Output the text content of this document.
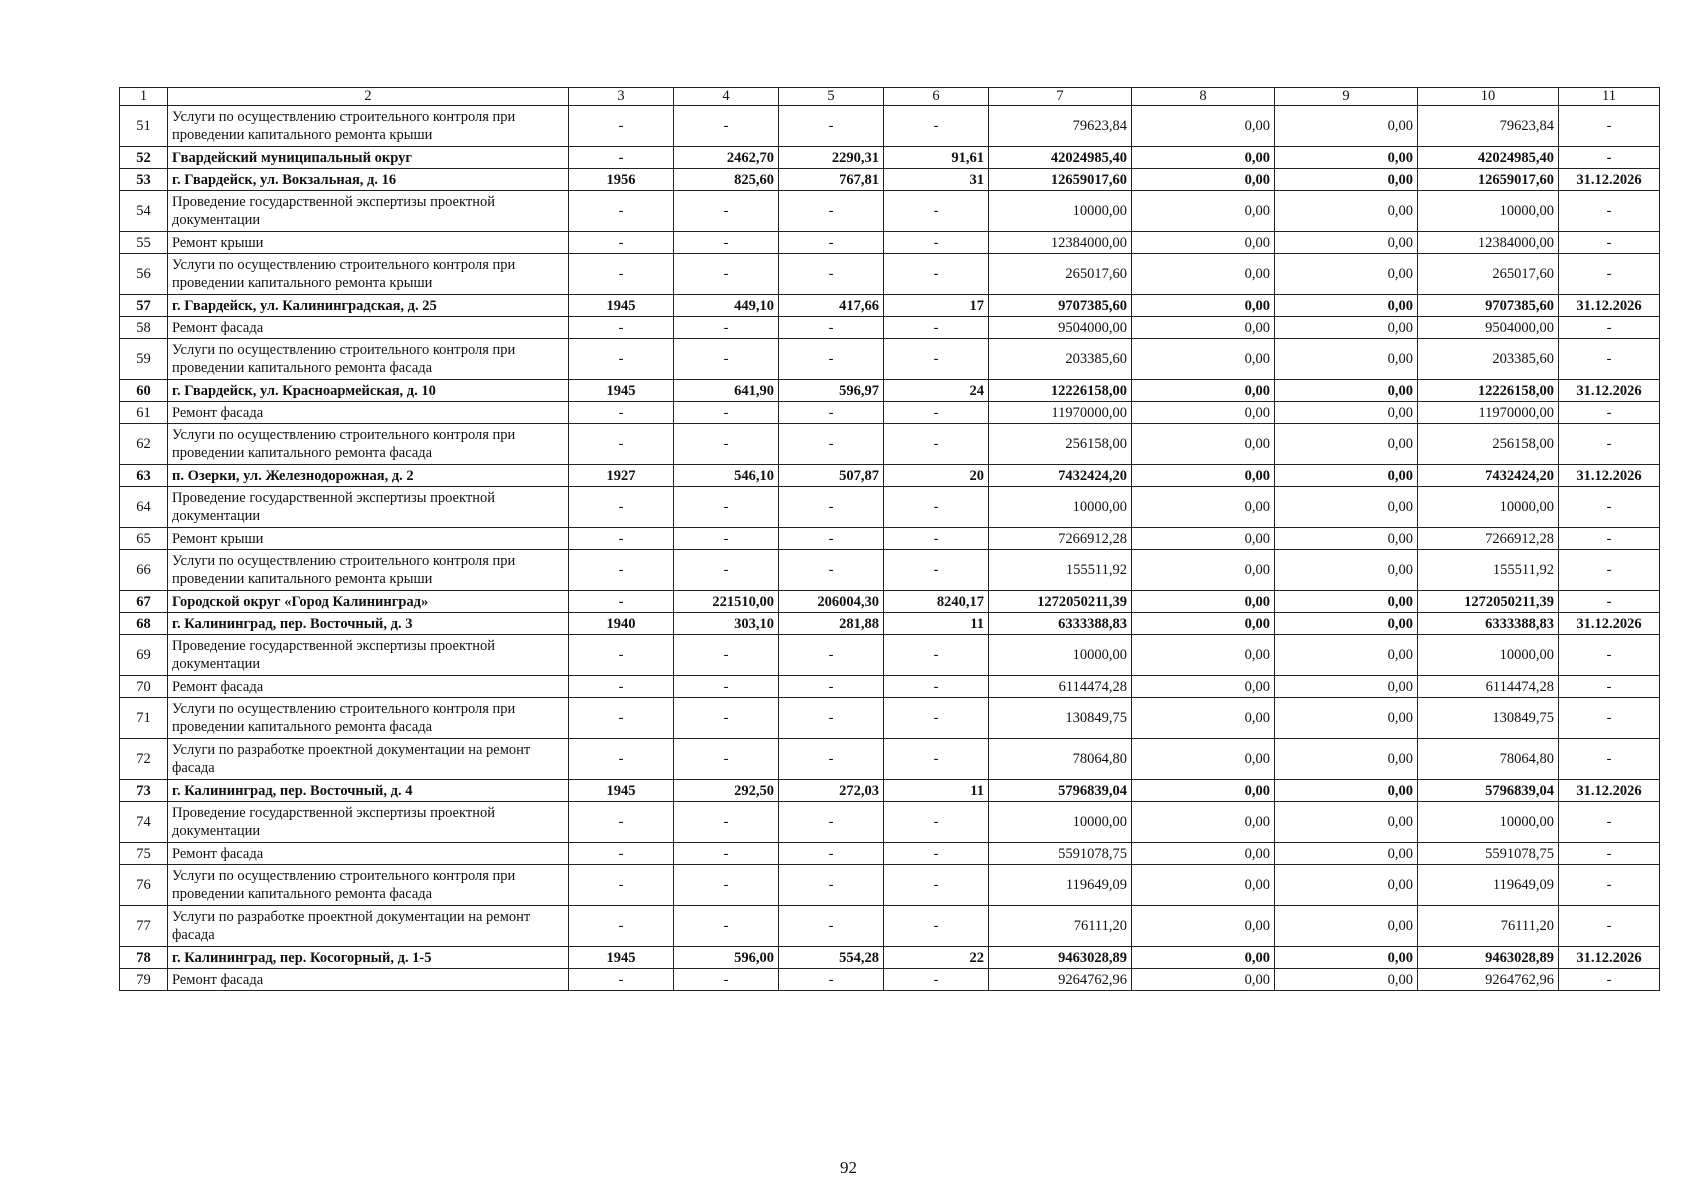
1	2	3	4	5	6	7	8	9	10	11
51	Услуги по осуществлению строительного контроля при проведении капитального ремонта крыши	-	-	-	-	79623,84	0,00	0,00	79623,84	-
52	Гвардейский муниципальный округ	-	2462,70	2290,31	91,61	42024985,40	0,00	0,00	42024985,40	-
53	г. Гвардейск, ул. Вокзальная, д. 16	1956	825,60	767,81	31	12659017,60	0,00	0,00	12659017,60	31.12.2026
54	Проведение государственной экспертизы проектной документации	-	-	-	-	10000,00	0,00	0,00	10000,00	-
55	Ремонт крыши	-	-	-	-	12384000,00	0,00	0,00	12384000,00	-
56	Услуги по осуществлению строительного контроля при проведении капитального ремонта крыши	-	-	-	-	265017,60	0,00	0,00	265017,60	-
57	г. Гвардейск, ул. Калининградская, д. 25	1945	449,10	417,66	17	9707385,60	0,00	0,00	9707385,60	31.12.2026
58	Ремонт фасада	-	-	-	-	9504000,00	0,00	0,00	9504000,00	-
59	Услуги по осуществлению строительного контроля при проведении капитального ремонта фасада	-	-	-	-	203385,60	0,00	0,00	203385,60	-
60	г. Гвардейск, ул. Красноармейская, д. 10	1945	641,90	596,97	24	12226158,00	0,00	0,00	12226158,00	31.12.2026
61	Ремонт фасада	-	-	-	-	11970000,00	0,00	0,00	11970000,00	-
62	Услуги по осуществлению строительного контроля при проведении капитального ремонта фасада	-	-	-	-	256158,00	0,00	0,00	256158,00	-
63	п. Озерки, ул. Железнодорожная, д. 2	1927	546,10	507,87	20	7432424,20	0,00	0,00	7432424,20	31.12.2026
64	Проведение государственной экспертизы проектной документации	-	-	-	-	10000,00	0,00	0,00	10000,00	-
65	Ремонт крыши	-	-	-	-	7266912,28	0,00	0,00	7266912,28	-
66	Услуги по осуществлению строительного контроля при проведении капитального ремонта крыши	-	-	-	-	155511,92	0,00	0,00	155511,92	-
67	Городской округ «Город Калининград»	-	221510,00	206004,30	8240,17	1272050211,39	0,00	0,00	1272050211,39	-
68	г. Калининград, пер. Восточный, д. 3	1940	303,10	281,88	11	6333388,83	0,00	0,00	6333388,83	31.12.2026
69	Проведение государственной экспертизы проектной документации	-	-	-	-	10000,00	0,00	0,00	10000,00	-
70	Ремонт фасада	-	-	-	-	6114474,28	0,00	0,00	6114474,28	-
71	Услуги по осуществлению строительного контроля при проведении капитального ремонта фасада	-	-	-	-	130849,75	0,00	0,00	130849,75	-
72	Услуги по разработке проектной документации на ремонт фасада	-	-	-	-	78064,80	0,00	0,00	78064,80	-
73	г. Калининград, пер. Восточный, д. 4	1945	292,50	272,03	11	5796839,04	0,00	0,00	5796839,04	31.12.2026
74	Проведение государственной экспертизы проектной документации	-	-	-	-	10000,00	0,00	0,00	10000,00	-
75	Ремонт фасада	-	-	-	-	5591078,75	0,00	0,00	5591078,75	-
76	Услуги по осуществлению строительного контроля при проведении капитального ремонта фасада	-	-	-	-	119649,09	0,00	0,00	119649,09	-
77	Услуги по разработке проектной документации на ремонт фасада	-	-	-	-	76111,20	0,00	0,00	76111,20	-
78	г. Калининград, пер. Косогорный, д. 1-5	1945	596,00	554,28	22	9463028,89	0,00	0,00	9463028,89	31.12.2026
79	Ремонт фасада	-	-	-	-	9264762,96	0,00	0,00	9264762,96	-
92
